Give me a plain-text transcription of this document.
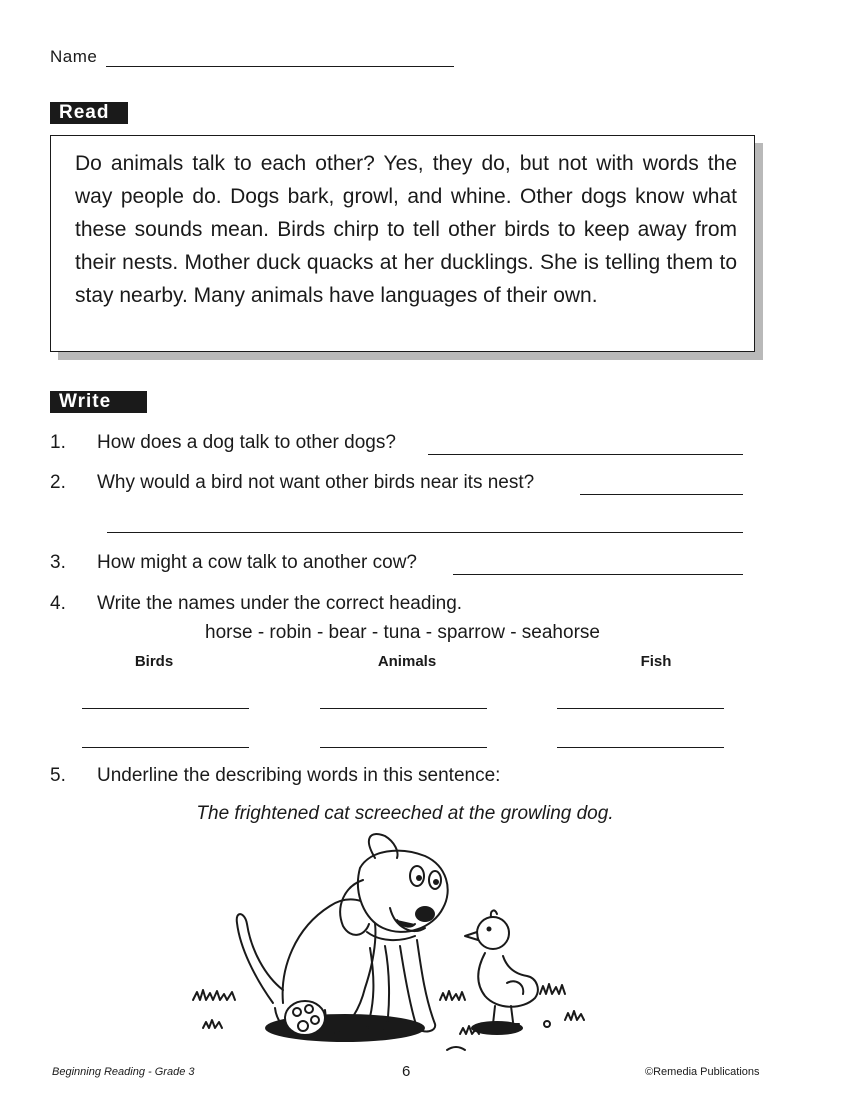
Name
Read
Do animals talk to each other? Yes, they do, but not with words the way people do. Dogs bark, growl, and whine. Other dogs know what these sounds mean. Birds chirp to tell other birds to keep away from their nests. Mother duck quacks at her ducklings. She is telling them to stay nearby. Many animals have languages of their own.
Write
1. How does a dog talk to other dogs?
2. Why would a bird not want other birds near its nest?
3. How might a cow talk to another cow?
4. Write the names under the correct heading.
horse - robin - bear - tuna - sparrow - seahorse
Birds	Animals	Fish
5. Underline the describing words in this sentence:
The frightened cat screeched at the growling dog.
Beginning Reading - Grade 3	6	©Remedia Publications
